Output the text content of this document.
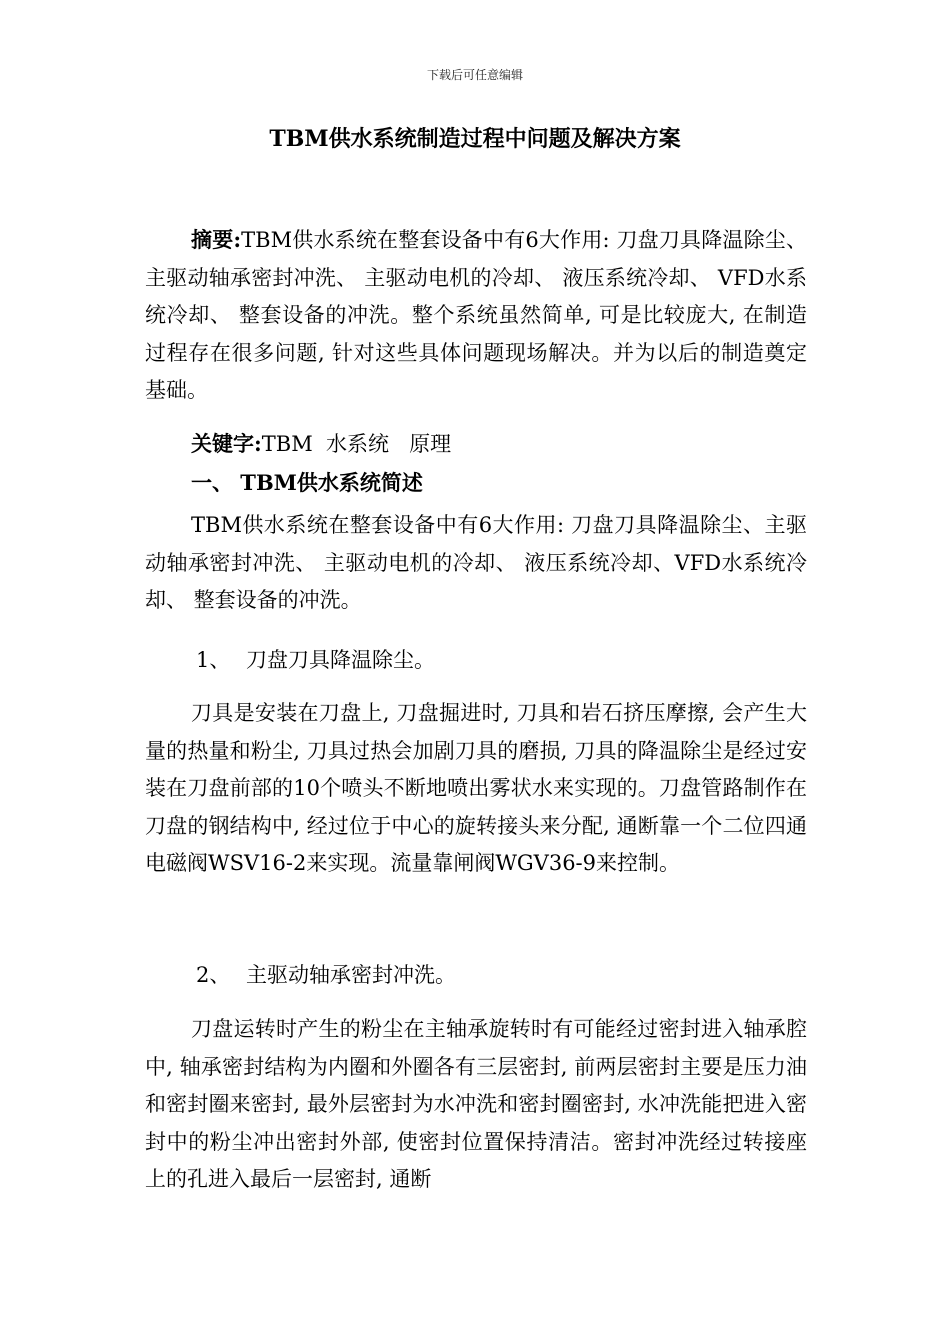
下载后可任意编辑
TBM供水系统制造过程中问题及解决方案

摘要:TBM供水系统在整套设备中有6大作用: 刀盘刀具降温除尘、 主驱动轴承密封冲洗、 主驱动电机的冷却、 液压系统冷却、 VFD水系统冷却、 整套设备的冲洗。整个系统虽然简单, 可是比较庞大, 在制造过程存在很多问题, 针对这些具体问题现场解决。并为以后的制造奠定基础。

关键字:TBM  水系统   原理

一、 TBM供水系统简述

TBM供水系统在整套设备中有6大作用: 刀盘刀具降温除尘、主驱动轴承密封冲洗、 主驱动电机的冷却、 液压系统冷却、VFD水系统冷却、 整套设备的冲洗。

1、 刀盘刀具降温除尘。

刀具是安装在刀盘上, 刀盘掘进时, 刀具和岩石挤压摩擦, 会产生大量的热量和粉尘, 刀具过热会加剧刀具的磨损, 刀具的降温除尘是经过安装在刀盘前部的10个喷头不断地喷出雾状水来实现的。刀盘管路制作在刀盘的钢结构中, 经过位于中心的旋转接头来分配, 通断靠一个二位四通电磁阀WSV16-2来实现。流量靠闸阀WGV36-9来控制。

2、 主驱动轴承密封冲洗。

刀盘运转时产生的粉尘在主轴承旋转时有可能经过密封进入轴承腔中, 轴承密封结构为内圈和外圈各有三层密封, 前两层密封主要是压力油和密封圈来密封, 最外层密封为水冲洗和密封圈密封, 水冲洗能把进入密封中的粉尘冲出密封外部, 使密封位置保持清洁。密封冲洗经过转接座上的孔进入最后一层密封, 通断
